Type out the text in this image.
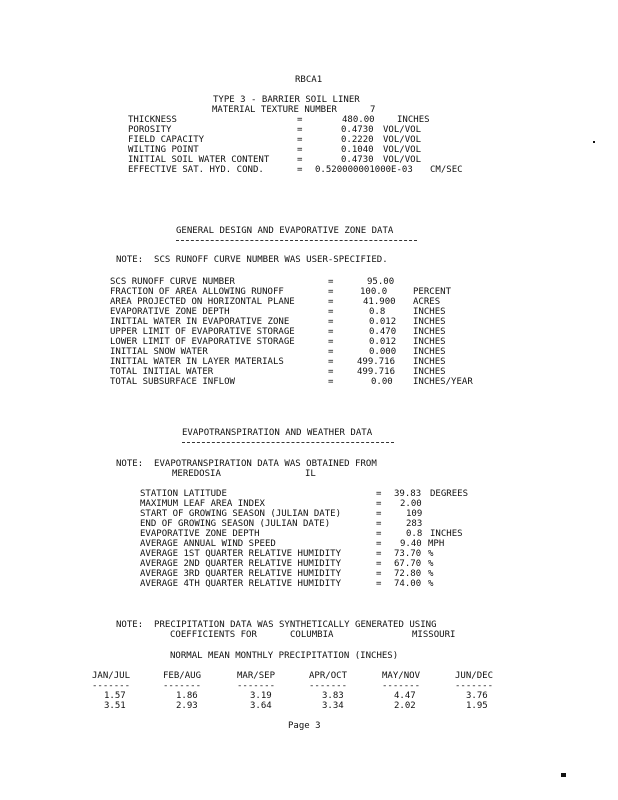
RBCA1
TYPE 3 - BARRIER SOIL LINER
MATERIAL TEXTURE NUMBER	7
THICKNESS	=	480.00	INCHES
POROSITY	=	0.4730 VOL/VOL
FIELD CAPACITY	=	0.2220 VOL/VOL
WILTING POINT	=	0.1040 VOL/VOL
INITIAL SOIL WATER CONTENT	=	0.4730 VOL/VOL
EFFECTIVE SAT. HYD. COND.	= 0.520000001000E-03 CM/SEC
GENERAL DESIGN AND EVAPORATIVE ZONE DATA
NOTE:  SCS RUNOFF CURVE NUMBER WAS USER-SPECIFIED.
SCS RUNOFF CURVE NUMBER	=	95.00
FRACTION OF AREA ALLOWING RUNOFF	=	100.0	PERCENT
AREA PROJECTED ON HORIZONTAL PLANE	=	41.900 ACRES
EVAPORATIVE ZONE DEPTH	=	0.8	INCHES
INITIAL WATER IN EVAPORATIVE ZONE	=	0.012 INCHES
UPPER LIMIT OF EVAPORATIVE STORAGE	=	0.470 INCHES
LOWER LIMIT OF EVAPORATIVE STORAGE	=	0.012 INCHES
INITIAL SNOW WATER	=	0.000 INCHES
INITIAL WATER IN LAYER MATERIALS	=	499.716 INCHES
TOTAL INITIAL WATER	=	499.716 INCHES
TOTAL SUBSURFACE INFLOW	=	0.00 INCHES/YEAR
EVAPOTRANSPIRATION AND WEATHER DATA
NOTE:  EVAPOTRANSPIRATION DATA WAS OBTAINED FROM
MEREDOSIA	IL
STATION LATITUDE	= 39.83 DEGREES
MAXIMUM LEAF AREA INDEX	= 2.00
START OF GROWING SEASON (JULIAN DATE)	=	109
END OF GROWING SEASON (JULIAN DATE)	=	283
EVAPORATIVE ZONE DEPTH	=	0.8 INCHES
AVERAGE ANNUAL WIND SPEED	= 9.40 MPH
AVERAGE 1ST QUARTER RELATIVE HUMIDITY	= 73.70 %
AVERAGE 2ND QUARTER RELATIVE HUMIDITY	= 67.70 %
AVERAGE 3RD QUARTER RELATIVE HUMIDITY	= 72.80 %
AVERAGE 4TH QUARTER RELATIVE HUMIDITY	= 74.00 %
NOTE:  PRECIPITATION DATA WAS SYNTHETICALLY GENERATED USING
COEFFICIENTS FOR	COLUMBIA	MISSOURI
NORMAL MEAN MONTHLY PRECIPITATION (INCHES)
JAN/JUL	FEB/AUG	MAR/SEP	APR/OCT	MAY/NOV	JUN/DEC
-------	-------	-------	-------	-------	-------
1.57	1.86	3.19	3.83	4.47	3.76
3.51	2.93	3.64	3.34	2.02	1.95
Page 3
